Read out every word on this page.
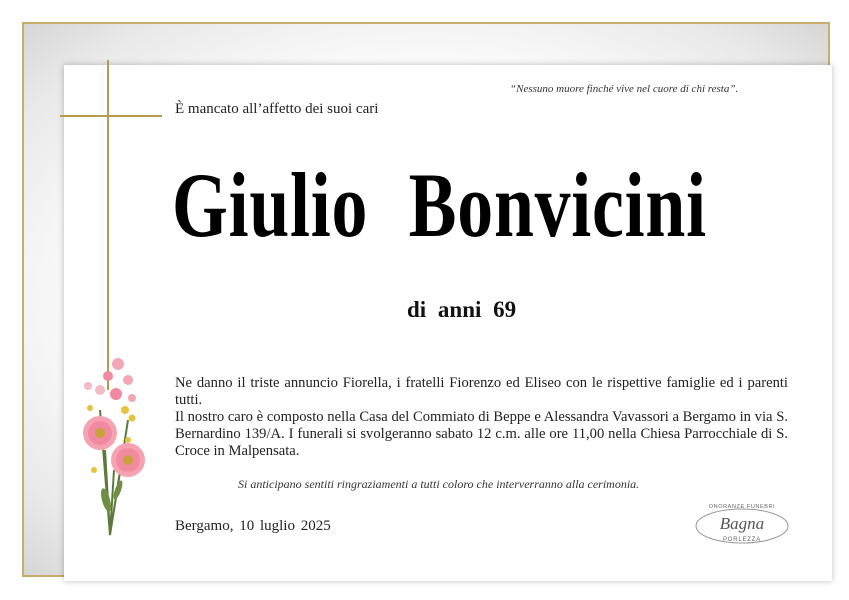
“Nessuno muore finché vive nel cuore di chi resta”.
È mancato all’affetto dei suoi cari
Giulio Bonvicini
di anni 69

Ne danno il triste annuncio Fiorella, i fratelli Fiorenzo ed Eliseo con le rispettive famiglie ed i parenti tutti.

Il nostro caro è composto nella Casa del Commiato di Beppe e Alessandra Vavassori a Bergamo in via S. Bernardino 139/A. I funerali si svolgeranno sabato 12 c.m. alle ore 11,00 nella Chiesa Parrocchiale di S. Croce in Malpensata.

Si anticipano sentiti ringraziamenti a tutti coloro che interverranno alla cerimonia.
Bergamo, 10 luglio 2025
ONORANZE FUNEBRI
Bagna
PORLEZZA
